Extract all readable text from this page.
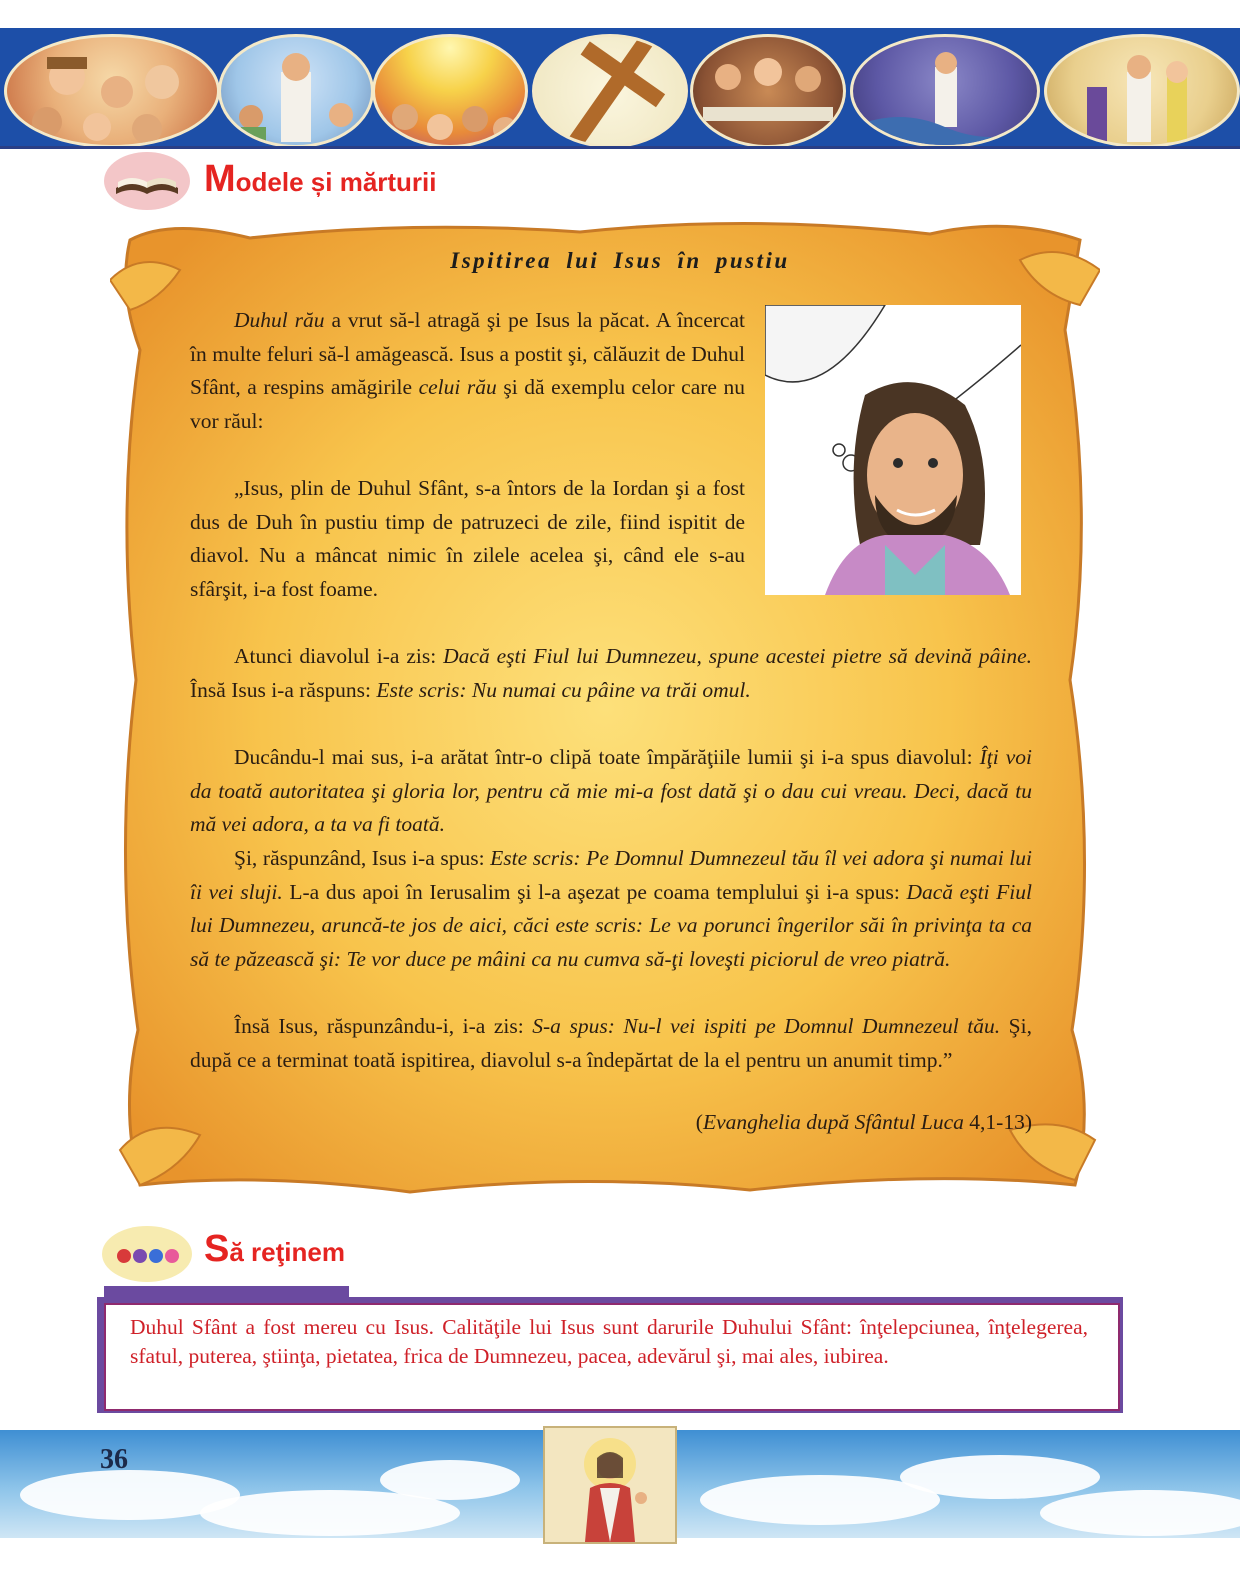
Modele și mărturii
Ispitirea lui Isus în pustiu

Duhul rău a vrut să-l atragă şi pe Isus la păcat. A încercat în multe feluri să-l amăgească. Isus a postit şi, călăuzit de Duhul Sfânt, a respins amăgirile celui rău şi dă exemplu celor care nu vor răul:

„Isus, plin de Duhul Sfânt, s-a întors de la Iordan şi a fost dus de Duh în pustiu timp de patruzeci de zile, fiind ispitit de diavol. Nu a mâncat nimic în zilele acelea şi, când ele s-au sfârşit, i-a fost foame.

Atunci diavolul i-a zis: Dacă eşti Fiul lui Dumnezeu, spune acestei pietre să devină pâine. Însă Isus i-a răspuns: Este scris: Nu numai cu pâine va trăi omul.

Ducându-l mai sus, i-a arătat într-o clipă toate împărăţiile lumii şi i-a spus diavolul: Îţi voi da toată autoritatea şi gloria lor, pentru că mie mi-a fost dată şi o dau cui vreau. Deci, dacă tu mă vei adora, a ta va fi toată.

Şi, răspunzând, Isus i-a spus: Este scris: Pe Domnul Dumnezeul tău îl vei adora şi numai lui îi vei sluji. L-a dus apoi în Ierusalim şi l-a aşezat pe coama templului şi i-a spus: Dacă eşti Fiul lui Dumnezeu, aruncă-te jos de aici, căci este scris: Le va porunci îngerilor săi în privinţa ta ca să te păzească şi: Te vor duce pe mâini ca nu cumva să-ţi loveşti piciorul de vreo piatră.

Însă Isus, răspunzându-i, i-a zis: S-a spus: Nu-l vei ispiti pe Domnul Dumnezeul tău. Şi, după ce a terminat toată ispitirea, diavolul s-a îndepărtat de la el pentru un anumit timp.”

(Evanghelia după Sfântul Luca 4,1-13)
Să reţinem

Duhul Sfânt a fost mereu cu Isus. Calităţile lui Isus sunt darurile Duhului Sfânt: înţelepciunea, înţelegerea, sfatul, puterea, ştiinţa, pietatea, frica de Dumnezeu, pacea, adevărul şi, mai ales, iubirea.

36
